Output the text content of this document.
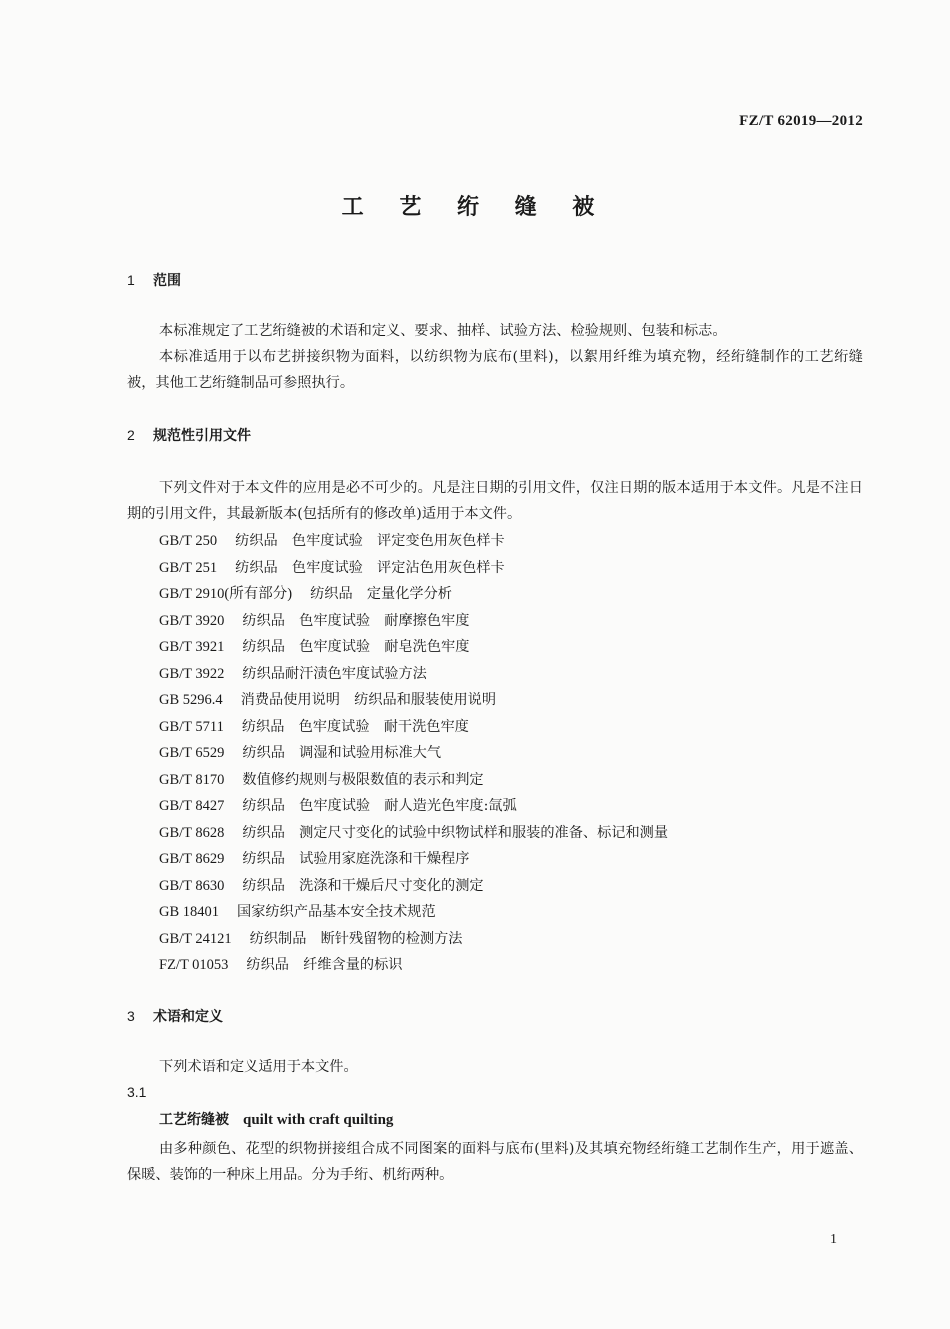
FZ/T 62019—2012
工 艺 绗 缝 被
1 范围
本标准规定了工艺绗缝被的术语和定义、要求、抽样、试验方法、检验规则、包装和标志。
本标准适用于以布艺拼接织物为面料，以纺织物为底布(里料)，以絮用纤维为填充物，经绗缝制作的工艺绗缝被，其他工艺绗缝制品可参照执行。
2 规范性引用文件
下列文件对于本文件的应用是必不可少的。凡是注日期的引用文件，仅注日期的版本适用于本文件。凡是不注日期的引用文件，其最新版本(包括所有的修改单)适用于本文件。
GB/T 250 纺织品　色牢度试验　评定变色用灰色样卡
GB/T 251 纺织品　色牢度试验　评定沾色用灰色样卡
GB/T 2910(所有部分) 纺织品　定量化学分析
GB/T 3920 纺织品　色牢度试验　耐摩擦色牢度
GB/T 3921 纺织品　色牢度试验　耐皂洗色牢度
GB/T 3922 纺织品耐汗渍色牢度试验方法
GB 5296.4 消费品使用说明　纺织品和服装使用说明
GB/T 5711 纺织品　色牢度试验　耐干洗色牢度
GB/T 6529 纺织品　调湿和试验用标准大气
GB/T 8170 数值修约规则与极限数值的表示和判定
GB/T 8427 纺织品　色牢度试验　耐人造光色牢度:氙弧
GB/T 8628 纺织品　测定尺寸变化的试验中织物试样和服装的准备、标记和测量
GB/T 8629 纺织品　试验用家庭洗涤和干燥程序
GB/T 8630 纺织品　洗涤和干燥后尺寸变化的测定
GB 18401 国家纺织产品基本安全技术规范
GB/T 24121 纺织制品　断针残留物的检测方法
FZ/T 01053 纺织品　纤维含量的标识
3 术语和定义
下列术语和定义适用于本文件。
3.1
工艺绗缝被 quilt with craft quilting
由多种颜色、花型的织物拼接组合成不同图案的面料与底布(里料)及其填充物经绗缝工艺制作生产，用于遮盖、保暖、装饰的一种床上用品。分为手绗、机绗两种。
1
